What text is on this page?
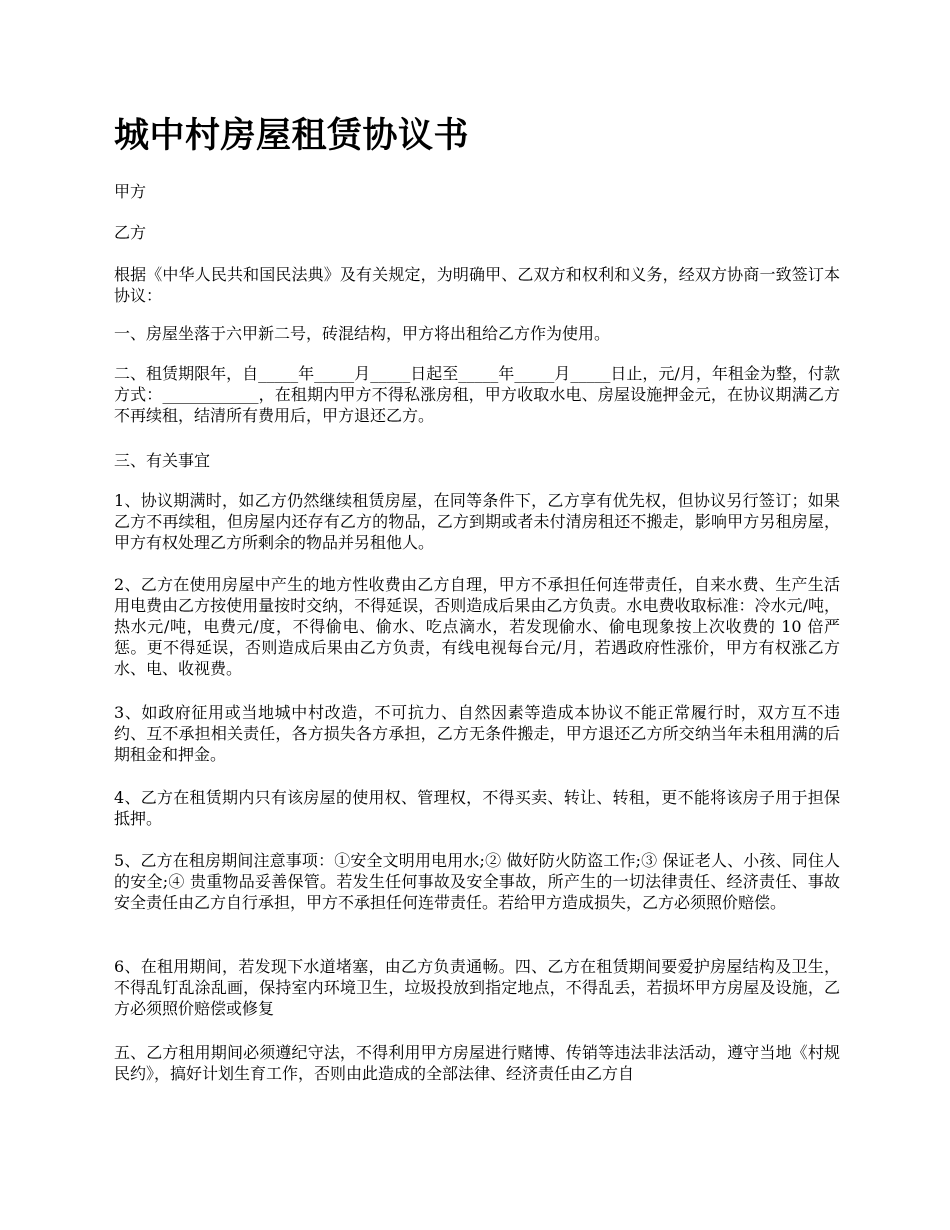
城中村房屋租赁协议书

甲方

乙方

根据《中华人民共和国民法典》及有关规定，为明确甲、乙双方和权利和义务，经双方协商一致签订本协议：

一、房屋坐落于六甲新二号，砖混结构，甲方将出租给乙方作为使用。

二、租赁期限年，自_____年_____月_____日起至_____年_____月_____日止，元/月，年租金为整，付款方式：____________，在租期内甲方不得私涨房租，甲方收取水电、房屋设施押金元，在协议期满乙方不再续租，结清所有费用后，甲方退还乙方。

三、有关事宜

1、协议期满时，如乙方仍然继续租赁房屋，在同等条件下，乙方享有优先权，但协议另行签订；如果乙方不再续租，但房屋内还存有乙方的物品，乙方到期或者未付清房租还不搬走，影响甲方另租房屋，甲方有权处理乙方所剩余的物品并另租他人。

2、乙方在使用房屋中产生的地方性收费由乙方自理，甲方不承担任何连带责任，自来水费、生产生活用电费由乙方按使用量按时交纳，不得延误，否则造成后果由乙方负责。水电费收取标准：冷水元/吨，热水元/吨，电费元/度，不得偷电、偷水、吃点滴水，若发现偷水、偷电现象按上次收费的 10 倍严惩。更不得延误，否则造成后果由乙方负责，有线电视每台元/月，若遇政府性涨价，甲方有权涨乙方水、电、收视费。

3、如政府征用或当地城中村改造，不可抗力、自然因素等造成本协议不能正常履行时，双方互不违约、互不承担相关责任，各方损失各方承担，乙方无条件搬走，甲方退还乙方所交纳当年未租用满的后期租金和押金。

4、乙方在租赁期内只有该房屋的使用权、管理权，不得买卖、转让、转租，更不能将该房子用于担保抵押。

5、乙方在租房期间注意事项：①安全文明用电用水;② 做好防火防盗工作;③ 保证老人、小孩、同住人的安全;④ 贵重物品妥善保管。若发生任何事故及安全事故，所产生的一切法律责任、经济责任、事故安全责任由乙方自行承担，甲方不承担任何连带责任。若给甲方造成损失，乙方必须照价赔偿。

6、在租用期间，若发现下水道堵塞，由乙方负责通畅。四、乙方在租赁期间要爱护房屋结构及卫生，不得乱钉乱涂乱画，保持室内环境卫生，垃圾投放到指定地点，不得乱丢，若损坏甲方房屋及设施，乙方必须照价赔偿或修复

五、乙方租用期间必须遵纪守法，不得利用甲方房屋进行赌博、传销等违法非法活动，遵守当地《村规民约》，搞好计划生育工作，否则由此造成的全部法律、经济责任由乙方自
